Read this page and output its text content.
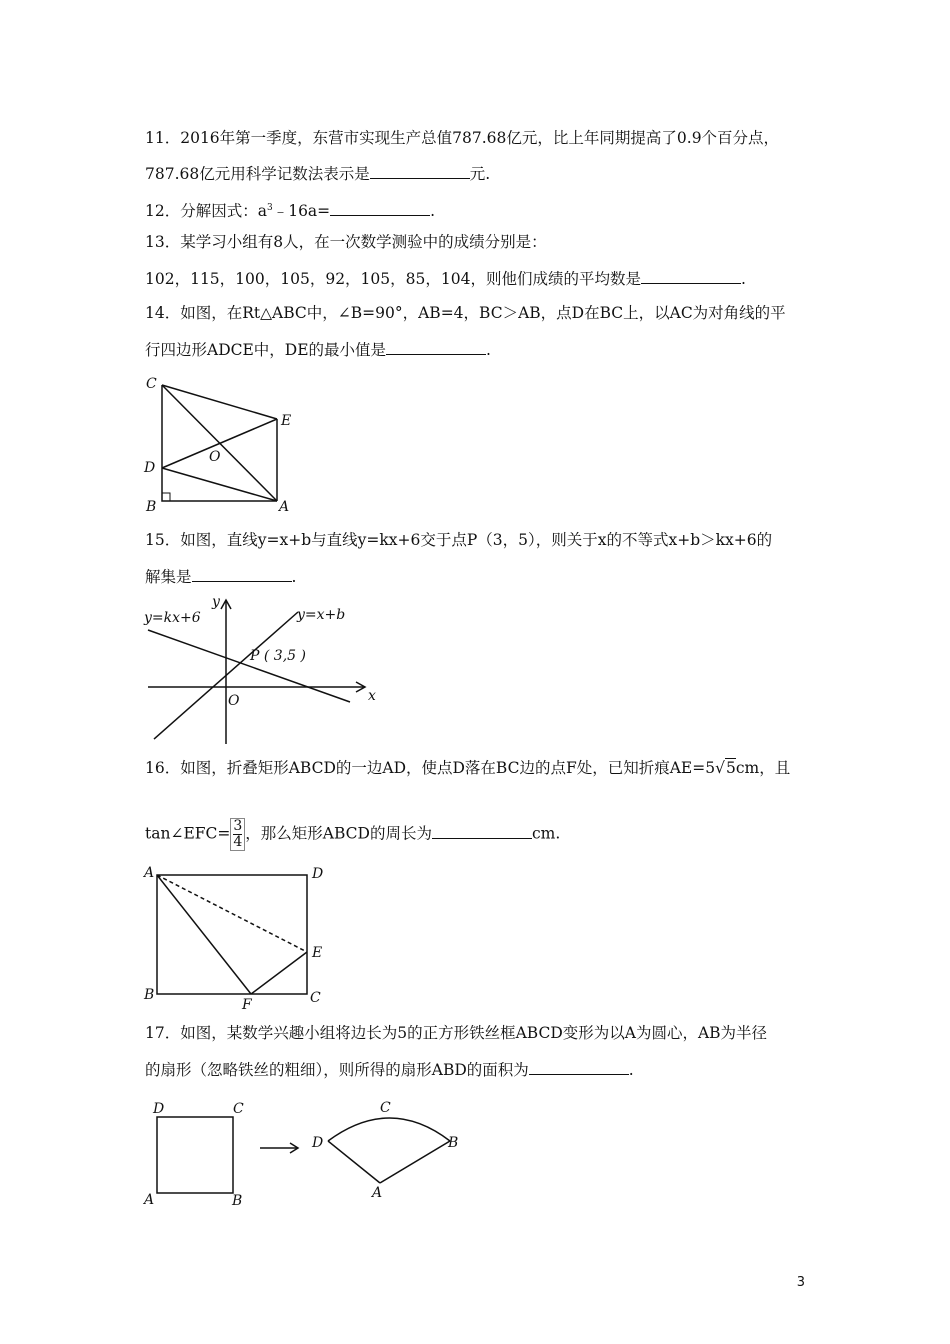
11．2016年第一季度，东营市实现生产总值787.68亿元，比上年同期提高了0.9个百分点，
787.68亿元用科学记数法表示是	元.
12．分解因式：$a^3﹣16a=$	.
13．某学习小组有8人，在一次数学测验中的成绩分别是：
102，115，100，105，92，105，85，104，则他们成绩的平均数是	.
14．如图，在Rt△ABC中，∠B=90°，AB=4，BC＞AB，点D在BC上，以AC为对角线的平
行四边形ADCE中，DE的最小值是	.
C
E
O
D
B	A
15．如图，直线y=x+b与直线y=kx+6交于点P（3，5），则关于x的不等式x+b＞kx+6的
解集是	.
y
x
O
y=kx+6	y=x+b
P ( 3,5 )
16．如图，折叠矩形ABCD的一边AD，使点D落在BC边的点F处，已知折痕AE=5√5cm，且
tan∠EFC= $\frac{3}{4}$ ，那么矩形ABCD的周长为	cm.
A	D
E
B
F	C
17．如图，某数学兴趣小组将边长为5的正方形铁丝框ABCD变形为以A为圆心，AB为半径
的扇形（忽略铁丝的粗细），则所得的扇形ABD的面积为	.
D	C
A	B
C
D	B
A
3
